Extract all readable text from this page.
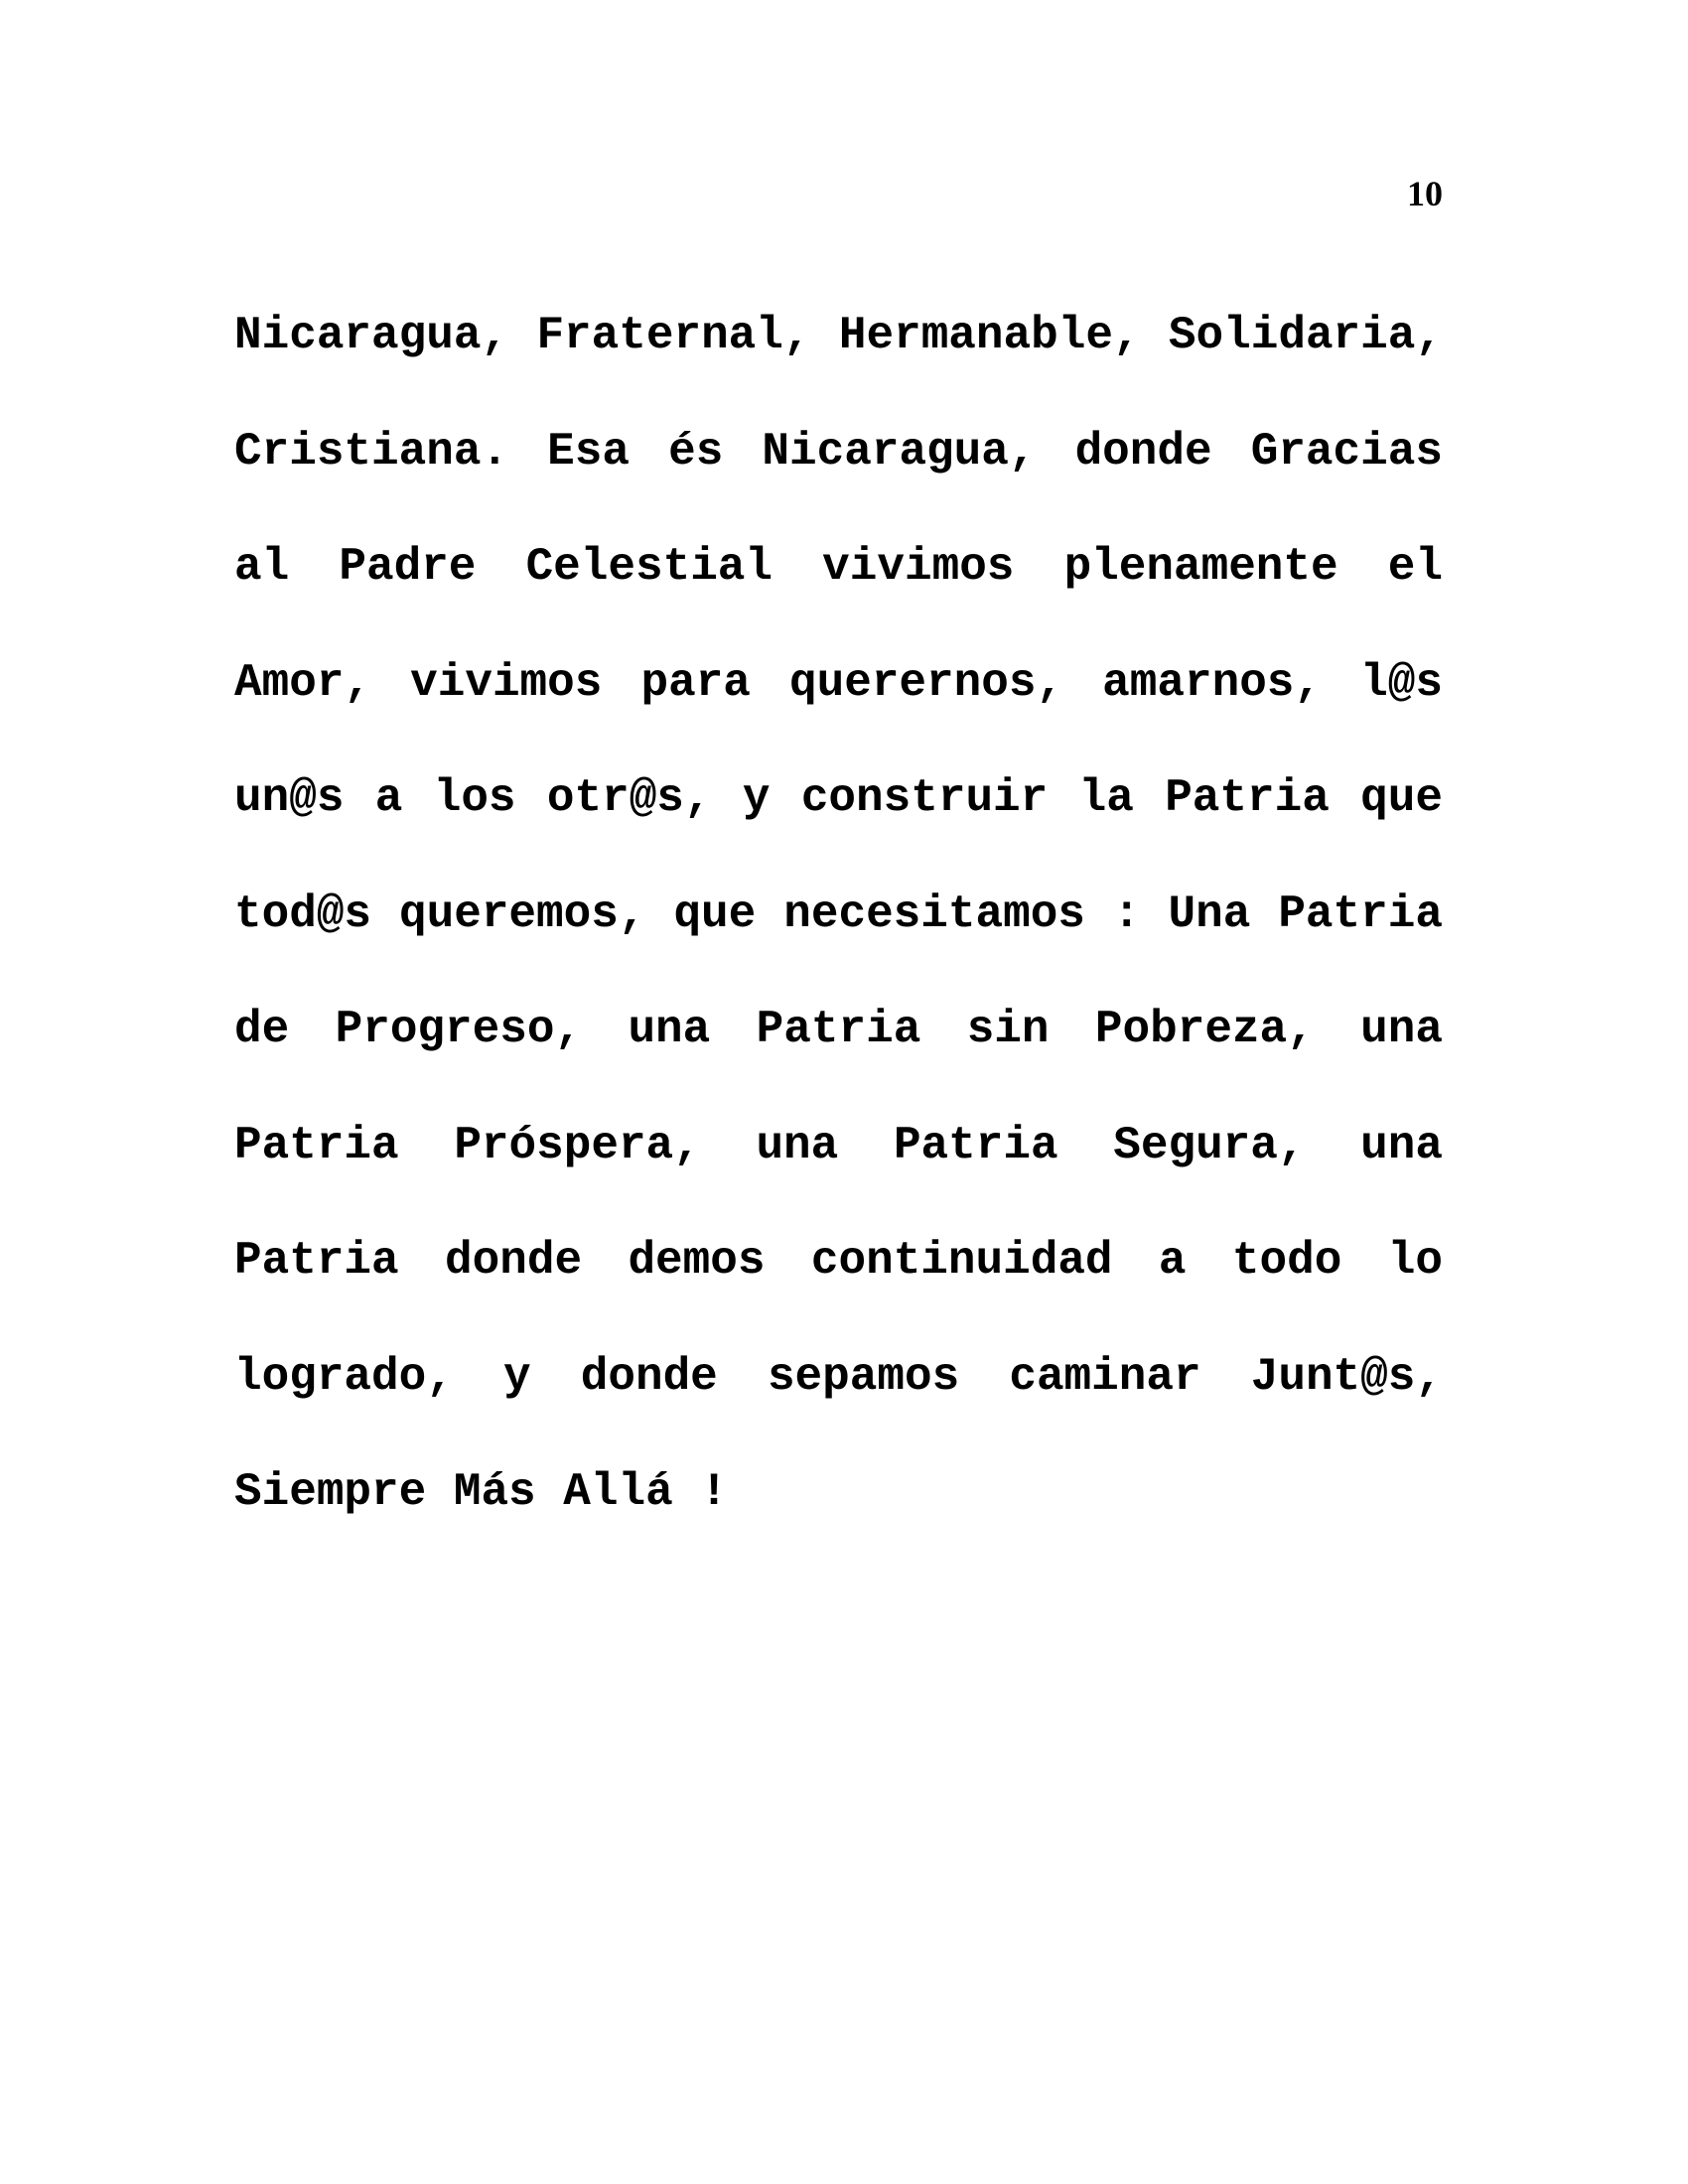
10
Nicaragua, Fraternal, Hermanable, Solidaria,
Cristiana. Esa és Nicaragua, donde Gracias
al Padre Celestial vivimos plenamente el
Amor, vivimos para querernos, amarnos, l@s
un@s a los otr@s, y construir la Patria que
tod@s queremos, que necesitamos : Una Patria
de Progreso, una Patria sin Pobreza, una
Patria Próspera, una Patria Segura, una
Patria donde demos continuidad a todo lo
logrado, y donde sepamos caminar Junt@s,
Siempre Más Allá !
